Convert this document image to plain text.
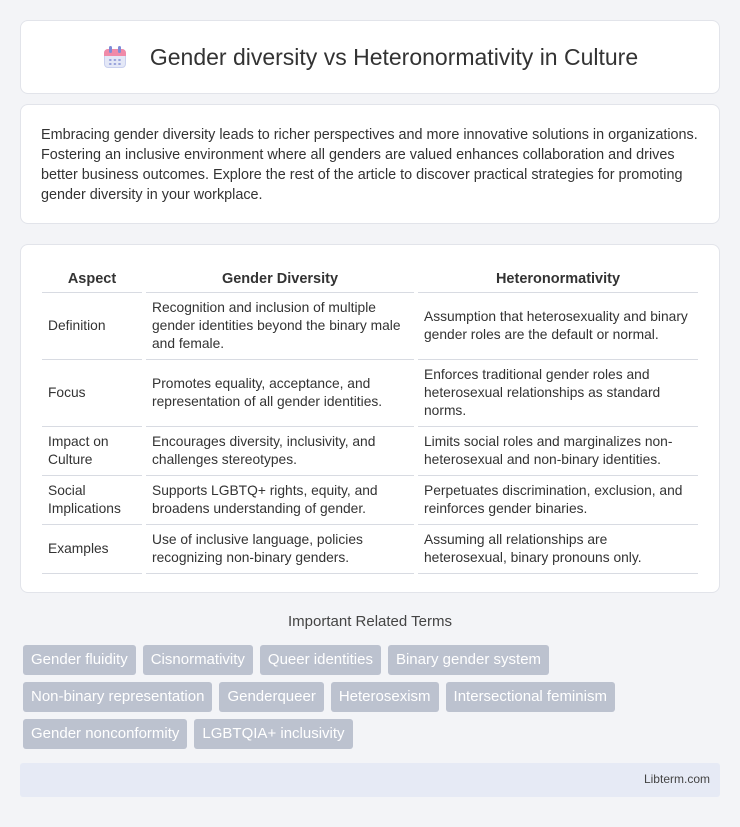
Gender diversity vs Heteronormativity in Culture

Embracing gender diversity leads to richer perspectives and more innovative solutions in organizations. Fostering an inclusive environment where all genders are valued enhances collaboration and drives better business outcomes. Explore the rest of the article to discover practical strategies for promoting gender diversity in your workplace.

Aspect	Gender Diversity	Heteronormativity
Definition	Recognition and inclusion of multiple gender identities beyond the binary male and female.	Assumption that heterosexuality and binary gender roles are the default or normal.
Focus	Promotes equality, acceptance, and representation of all gender identities.	Enforces traditional gender roles and heterosexual relationships as standard norms.
Impact on Culture	Encourages diversity, inclusivity, and challenges stereotypes.	Limits social roles and marginalizes non-heterosexual and non-binary identities.
Social Implications	Supports LGBTQ+ rights, equity, and broadens understanding of gender.	Perpetuates discrimination, exclusion, and reinforces gender binaries.
Examples	Use of inclusive language, policies recognizing non-binary genders.	Assuming all relationships are heterosexual, binary pronouns only.
Important Related Terms
Gender fluidity	Cisnormativity	Queer identities	Binary gender system
Non-binary representation	Genderqueer	Heterosexism	Intersectional feminism
Gender nonconformity	LGBTQIA+ inclusivity
Libterm.com
